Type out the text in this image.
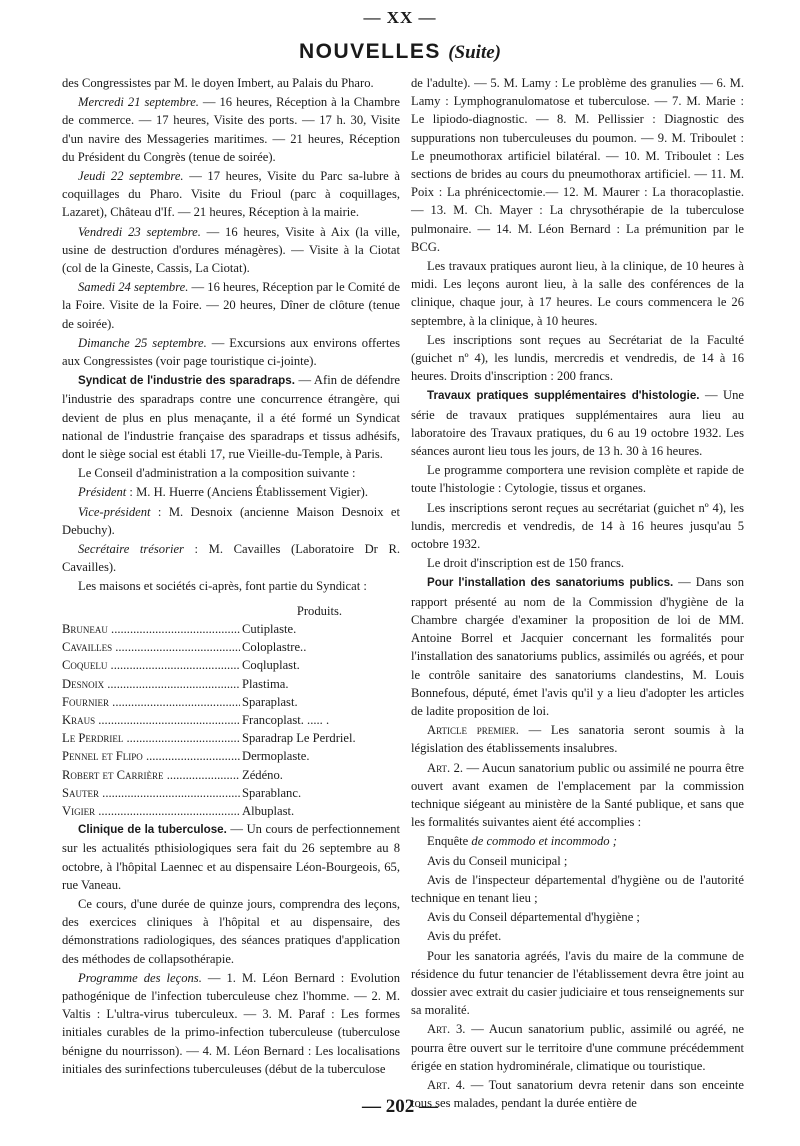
— XX —
NOUVELLES (Suite)

des Congressistes par M. le doyen Imbert, au Palais du Pharo.

Mercredi 21 septembre. — 16 heures, Réception à la Chambre de commerce. — 17 heures, Visite des ports. — 17 h. 30, Visite d'un navire des Messageries maritimes. — 21 heures, Réception du Président du Congrès (tenue de soirée).

Jeudi 22 septembre. — 17 heures, Visite du Parc sa-lubre à coquillages du Pharo. Visite du Frioul (parc à coquillages, Lazaret), Château d'If. — 21 heures, Réception à la mairie.

Vendredi 23 septembre. — 16 heures, Visite à Aix (la ville, usine de destruction d'ordures ménagères). — Visite à la Ciotat (col de la Gineste, Cassis, La Ciotat).

Samedi 24 septembre. — 16 heures, Réception par le Comité de la Foire. Visite de la Foire. — 20 heures, Dîner de clôture (tenue de soirée).

Dimanche 25 septembre. — Excursions aux environs offertes aux Congressistes (voir page touristique ci-jointe).

Syndicat de l'industrie des sparadraps. — Afin de défendre l'industrie des sparadraps contre une concurrence étrangère, qui devient de plus en plus menaçante, il a été formé un Syndicat national de l'industrie française des sparadraps et tissus adhésifs, dont le siège social est établi 17, rue Vieille-du-Temple, à Paris.

Le Conseil d'administration a la composition suivante :

Président : M. H. Huerre (Anciens Établissement Vigier).

Vice-président : M. Desnoix (ancienne Maison Desnoix et Debuchy).

Secrétaire trésorier : M. Cavailles (Laboratoire Dr R. Cavailles).

Les maisons et sociétés ci-après, font partie du Syndicat :

Produits.
Bruneau .....	Cutiplaste.
Cavailles .....	Coloplastre..
Coquelu .....	Coqluplast.
Desnoix .....	Plastima.
Fournier .....	Sparaplast.
Kraus .....	Francoplast. ..... .
Le Perdriel .....	Sparadrap Le Perdriel.
Pennel et Flipo .....	Dermoplaste.
Robert et Carrière .....	Zédéno.
Sauter .....	Sparablanc.
Vigier .....	Albuplast.

Clinique de la tuberculose. — Un cours de perfectionnement sur les actualités pthisiologiques sera fait du 26 septembre au 8 octobre, à l'hôpital Laennec et au dispensaire Léon-Bourgeois, 65, rue Vaneau.

Ce cours, d'une durée de quinze jours, comprendra des leçons, des exercices cliniques à l'hôpital et au dispensaire, des démonstrations radiologiques, des séances pratiques d'application des méthodes de collapsothérapie.

Programme des leçons. — 1. M. Léon Bernard : Evolution pathogénique de l'infection tuberculeuse chez l'homme. — 2. M. Valtis : L'ultra-virus tuberculeux. — 3. M. Paraf : Les formes initiales curables de la primo-infection tuberculeuse (tuberculose bénigne du nourrisson). — 4. M. Léon Bernard : Les localisations initiales des surinfections tuberculeuses (début de la tuberculose

de l'adulte). — 5. M. Lamy : Le problème des granulies — 6. M. Lamy : Lymphogranulomatose et tuberculose. — 7. M. Marie : Le lipiodo-diagnostic. — 8. M. Pellissier : Diagnostic des suppurations non tuberculeuses du poumon. — 9. M. Triboulet : Le pneumothorax artificiel bilatéral. — 10. M. Triboulet : Les sections de brides au cours du pneumothorax artificiel. — 11. M. Poix : La phrénicectomie.— 12. M. Maurer : La thoracoplastie. — 13. M. Ch. Mayer : La chrysothérapie de la tuberculose pulmonaire. — 14. M. Léon Bernard : La prémunition par le BCG.

Les travaux pratiques auront lieu, à la clinique, de 10 heures à midi. Les leçons auront lieu, à la salle des conférences de la clinique, chaque jour, à 17 heures. Le cours commencera le 26 septembre, à la clinique, à 10 heures.

Les inscriptions sont reçues au Secrétariat de la Faculté (guichet nº 4), les lundis, mercredis et vendredis, de 14 à 16 heures. Droits d'inscription : 200 francs.

Travaux pratiques supplémentaires d'histologie. — Une série de travaux pratiques supplémentaires aura lieu au laboratoire des Travaux pratiques, du 6 au 19 octobre 1932. Les séances auront lieu tous les jours, de 13 h. 30 à 16 heures.

Le programme comportera une revision complète et rapide de toute l'histologie : Cytologie, tissus et organes.

Les inscriptions seront reçues au secrétariat (guichet nº 4), les lundis, mercredis et vendredis, de 14 à 16 heures jusqu'au 5 octobre 1932.

Le droit d'inscription est de 150 francs.

Pour l'installation des sanatoriums publics. — Dans son rapport présenté au nom de la Commission d'hygiène de la Chambre chargée d'examiner la proposition de loi de MM. Antoine Borrel et Jacquier concernant les formalités pour l'installation des sanatoriums publics, assimilés ou agréés, et pour le contrôle sanitaire des sanatoriums clandestins, M. Louis Bonnefous, député, émet l'avis qu'il y a lieu d'adopter les articles de ladite proposition de loi.

Article premier. — Les sanatoria seront soumis à la législation des établissements insalubres.

Art. 2. — Aucun sanatorium public ou assimilé ne pourra être ouvert avant examen de l'emplacement par la commission technique siégeant au ministère de la Santé publique, et sans que les formalités suivantes aient été accomplies :

Enquête de commodo et incommodo ;

Avis du Conseil municipal ;

Avis de l'inspecteur départemental d'hygiène ou de l'autorité technique en tenant lieu ;

Avis du Conseil départemental d'hygiène ;

Avis du préfet.

Pour les sanatoria agréés, l'avis du maire de la commune de résidence du futur tenancier de l'établissement devra être joint au dossier avec extrait du casier judiciaire et tous renseignements sur sa moralité.

Art. 3. — Aucun sanatorium public, assimilé ou agréé, ne pourra être ouvert sur le territoire d'une commune précédemment érigée en station hydrominérale, climatique ou touristique.

Art. 4. — Tout sanatorium devra retenir dans son enceinte tous ses malades, pendant la durée entière de

— 202 —
